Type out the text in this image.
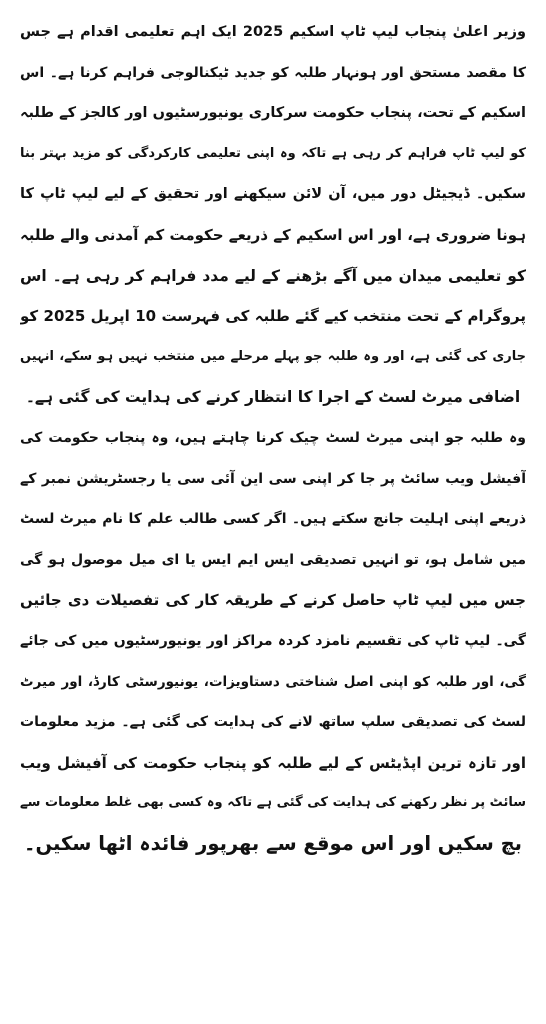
وزیر اعلیٰ پنجاب لیپ ٹاپ اسکیم 2025 ایک اہم تعلیمی اقدام ہے جس
کا مقصد مستحق اور ہونہار طلبہ کو جدید ٹیکنالوجی فراہم کرنا ہے۔ اس
اسکیم کے تحت، پنجاب حکومت سرکاری یونیورسٹیوں اور کالجز کے طلبہ
کو لیپ ٹاپ فراہم کر رہی ہے تاکہ وہ اپنی تعلیمی کارکردگی کو مزید بہتر بنا
سکیں۔ ڈیجیٹل دور میں، آن لائن سیکھنے اور تحقیق کے لیے لیپ ٹاپ کا
ہونا ضروری ہے، اور اس اسکیم کے ذریعے حکومت کم آمدنی والے طلبہ
کو تعلیمی میدان میں آگے بڑھنے کے لیے مدد فراہم کر رہی ہے۔ اس
پروگرام کے تحت منتخب کیے گئے طلبہ کی فہرست 10 اپریل 2025 کو
جاری کی گئی ہے، اور وہ طلبہ جو پہلے مرحلے میں منتخب نہیں ہو سکے، انہیں
اضافی میرٹ لسٹ کے اجرا کا انتظار کرنے کی ہدایت کی گئی ہے۔
وہ طلبہ جو اپنی میرٹ لسٹ چیک کرنا چاہتے ہیں، وہ پنجاب حکومت کی
آفیشل ویب سائٹ پر جا کر اپنی سی این آئی سی یا رجسٹریشن نمبر کے
ذریعے اپنی اہلیت جانچ سکتے ہیں۔ اگر کسی طالب علم کا نام میرٹ لسٹ
میں شامل ہو، تو انہیں تصدیقی ایس ایم ایس یا ای میل موصول ہو گی
جس میں لیپ ٹاپ حاصل کرنے کے طریقہ کار کی تفصیلات دی جائیں
گی۔ لیپ ٹاپ کی تقسیم نامزد کردہ مراکز اور یونیورسٹیوں میں کی جائے
گی، اور طلبہ کو اپنی اصل شناختی دستاویزات، یونیورسٹی کارڈ، اور میرٹ
لسٹ کی تصدیقی سلپ ساتھ لانے کی ہدایت کی گئی ہے۔ مزید معلومات
اور تازہ ترین اپڈیٹس کے لیے طلبہ کو پنجاب حکومت کی آفیشل ویب
سائٹ پر نظر رکھنے کی ہدایت کی گئی ہے تاکہ وہ کسی بھی غلط معلومات سے
بچ سکیں اور اس موقع سے بھرپور فائدہ اٹھا سکیں۔
